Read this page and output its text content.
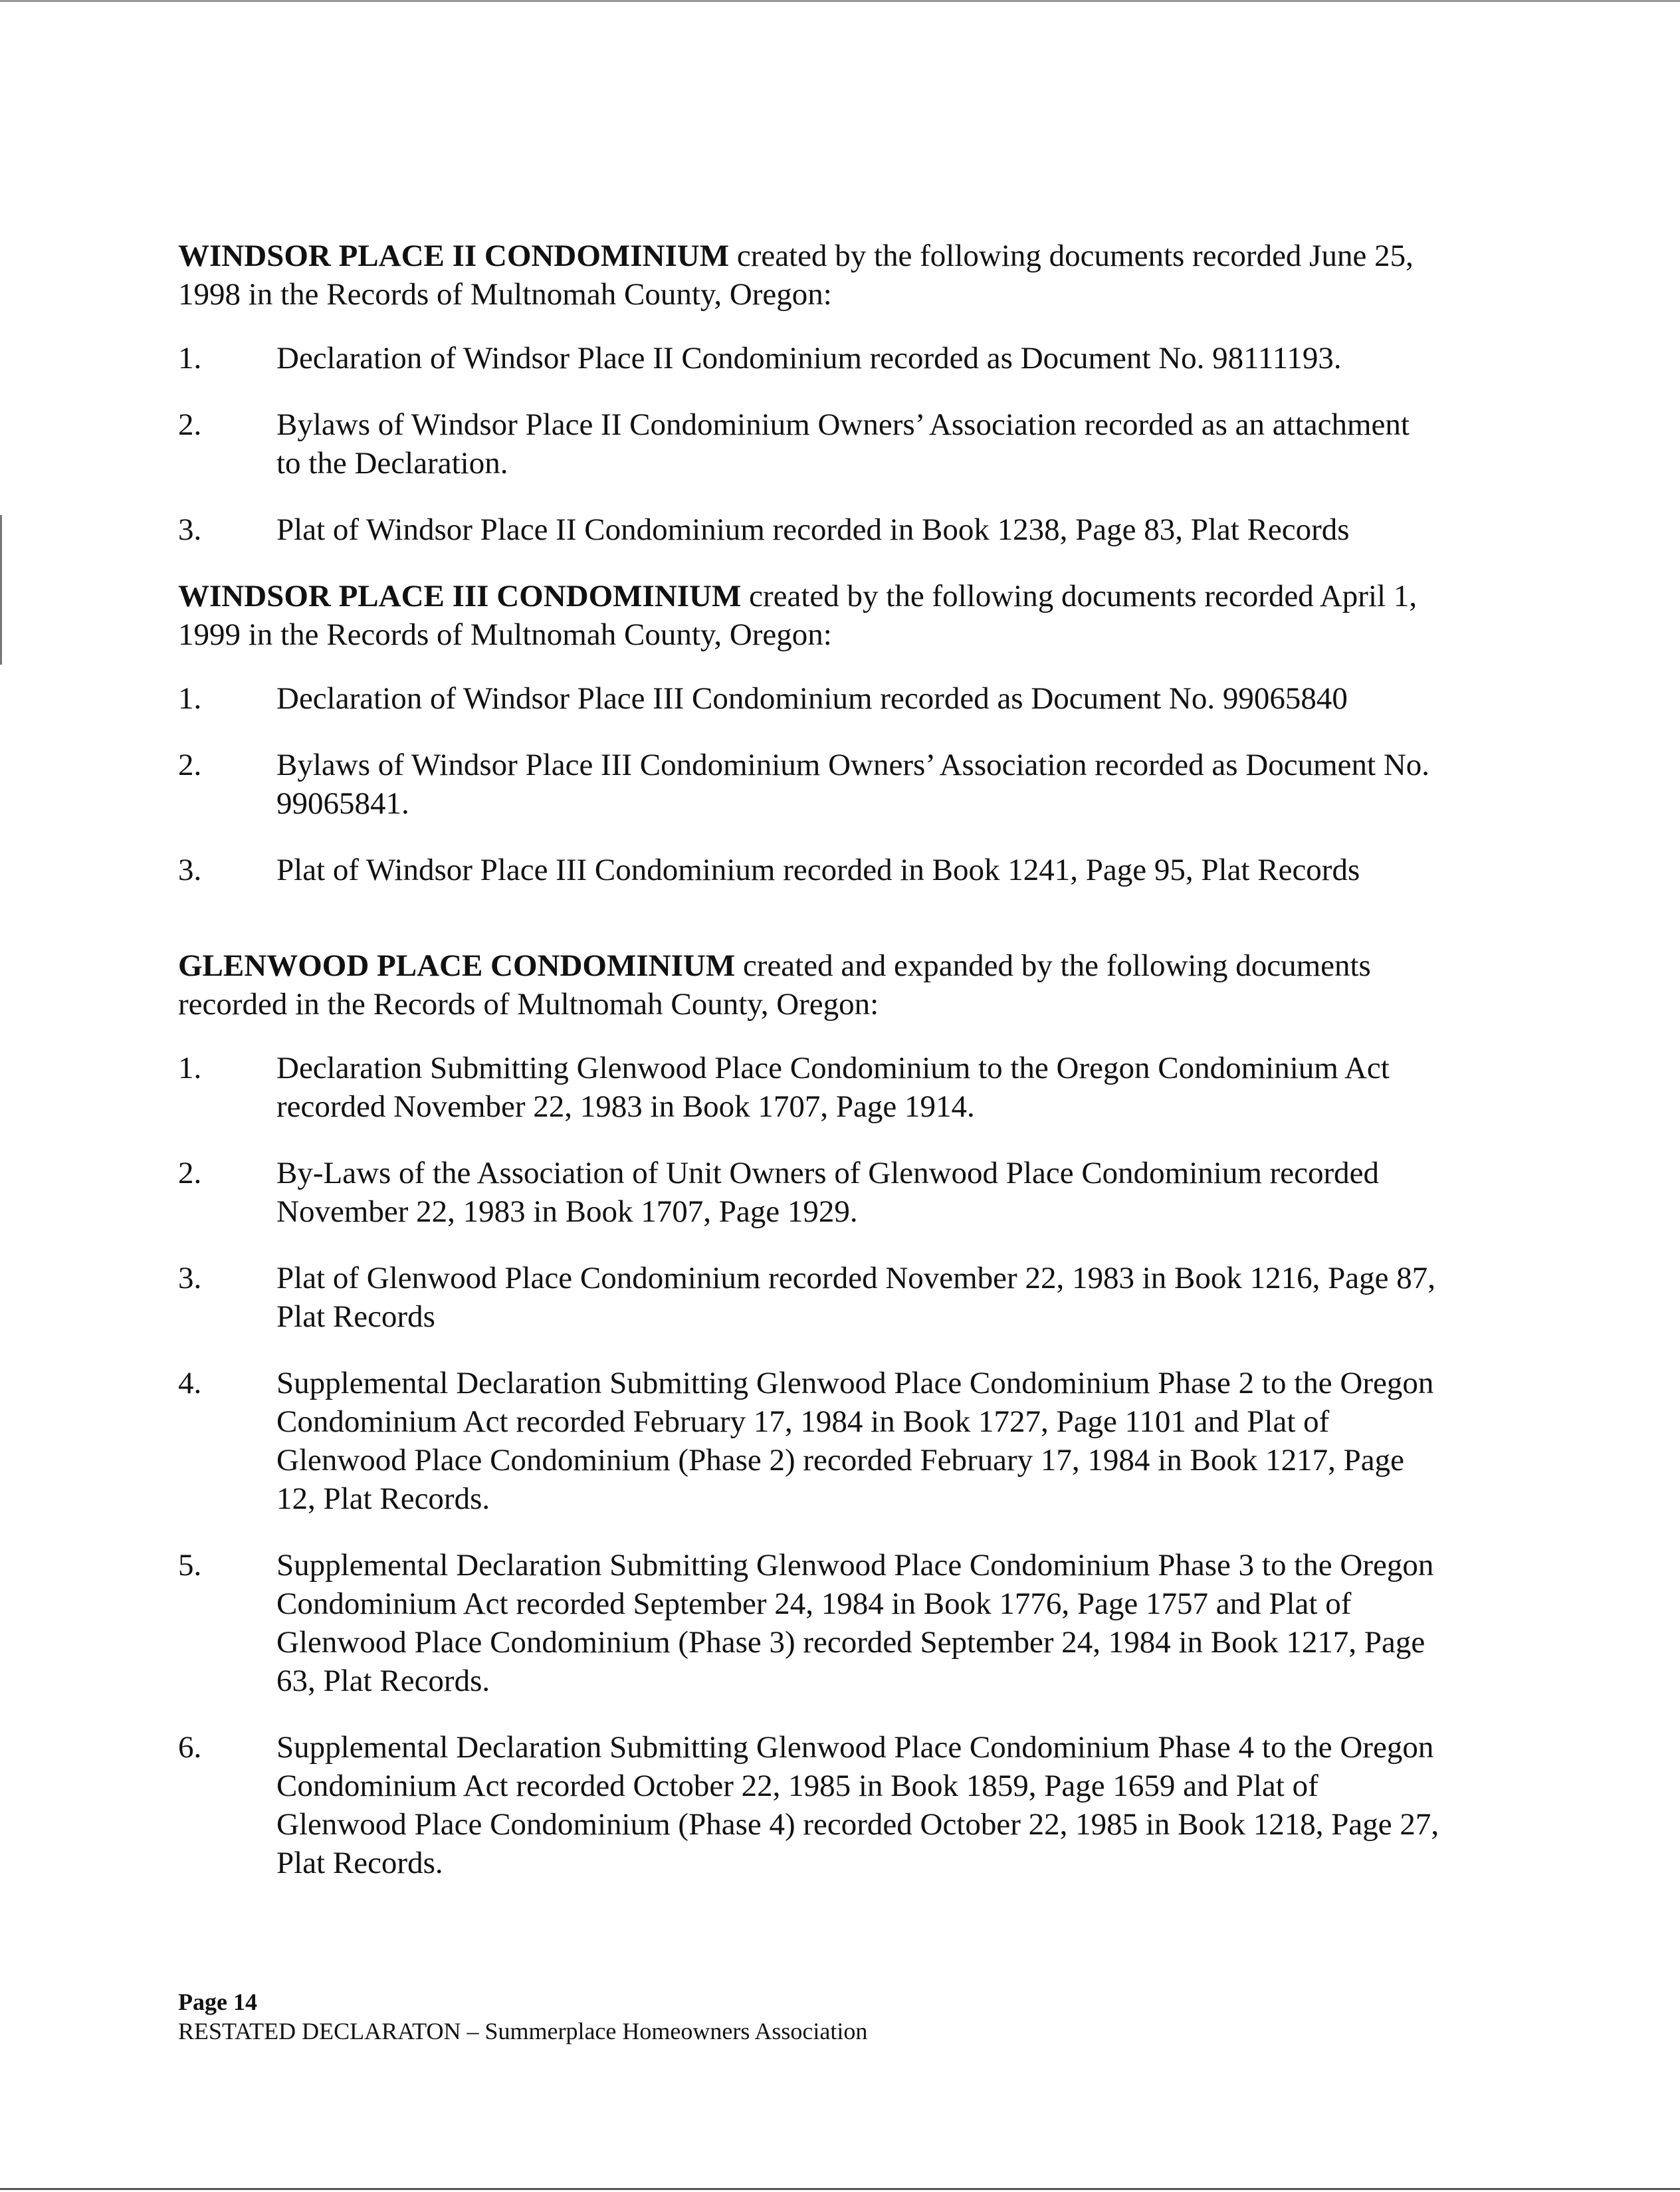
WINDSOR PLACE II CONDOMINIUM created by the following documents recorded June 25, 1998 in the Records of Multnomah County, Oregon:

1.	Declaration of Windsor Place II Condominium recorded as Document No. 98111193.
2.	Bylaws of Windsor Place II Condominium Owners’ Association recorded as an attachment to the Declaration.
3.	Plat of Windsor Place II Condominium recorded in Book 1238, Page 83, Plat Records

WINDSOR PLACE III CONDOMINIUM created by the following documents recorded April 1, 1999 in the Records of Multnomah County, Oregon:

1.	Declaration of Windsor Place III Condominium recorded as Document No. 99065840
2.	Bylaws of Windsor Place III Condominium Owners’ Association recorded as Document No. 99065841.
3.	Plat of Windsor Place III Condominium recorded in Book 1241, Page 95, Plat Records

GLENWOOD PLACE CONDOMINIUM created and expanded by the following documents recorded in the Records of Multnomah County, Oregon:

1.	Declaration Submitting Glenwood Place Condominium to the Oregon Condominium Act recorded November 22, 1983 in Book 1707, Page 1914.
2.	By-Laws of the Association of Unit Owners of Glenwood Place Condominium recorded November 22, 1983 in Book 1707, Page 1929.
3.	Plat of Glenwood Place Condominium recorded November 22, 1983 in Book 1216, Page 87, Plat Records
4.	Supplemental Declaration Submitting Glenwood Place Condominium Phase 2 to the Oregon Condominium Act recorded February 17, 1984 in Book 1727, Page 1101 and Plat of Glenwood Place Condominium (Phase 2) recorded February 17, 1984 in Book 1217, Page 12, Plat Records.
5.	Supplemental Declaration Submitting Glenwood Place Condominium Phase 3 to the Oregon Condominium Act recorded September 24, 1984 in Book 1776, Page 1757 and Plat of Glenwood Place Condominium (Phase 3) recorded September 24, 1984 in Book 1217, Page 63, Plat Records.
6.	Supplemental Declaration Submitting Glenwood Place Condominium Phase 4 to the Oregon Condominium Act recorded October 22, 1985 in Book 1859, Page 1659 and Plat of Glenwood Place Condominium (Phase 4) recorded October 22, 1985 in Book 1218, Page 27, Plat Records.
Page 14
RESTATED DECLARATON – Summerplace Homeowners Association
